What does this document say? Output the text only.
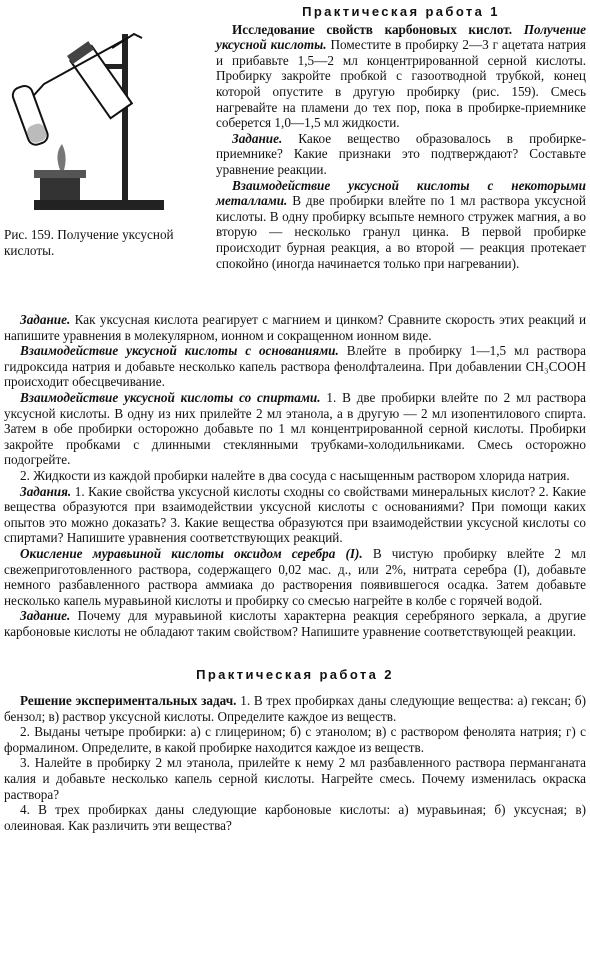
Рис. 159. Получение уксусной кислоты.
Практическая работа 1

Исследование свойств карбоновых кислот. Получение уксусной кислоты. Поместите в пробирку 2—3 г ацетата натрия и прибавьте 1,5—2 мл концентрированной серной кислоты. Пробирку закройте пробкой с газоотводной трубкой, конец которой опустите в другую пробирку (рис. 159). Смесь нагревайте на пламени до тех пор, пока в пробирке-приемнике соберется 1,0—1,5 мл жидкости.

Задание. Какое вещество образовалось в пробирке-приемнике? Какие признаки это подтверждают? Составьте уравнение реакции.

Взаимодействие уксусной кислоты с некоторыми металлами. В две пробирки влейте по 1 мл раствора уксусной кислоты. В одну пробирку всыпьте немного стружек магния, а во вторую — несколько гранул цинка. В первой пробирке происходит бурная реакция, а во второй — реакция протекает спокойно (иногда начинается только при нагревании).

Задание. Как уксусная кислота реагирует с магнием и цинком? Сравните скорость этих реакций и напишите уравнения в молекулярном, ионном и сокращенном ионном виде.

Взаимодействие уксусной кислоты с основаниями. Влейте в пробирку 1—1,5 мл раствора гидроксида натрия и добавьте несколько капель раствора фенолфталеина. При добавлении CH₃COOH происходит обесцвечивание.

Взаимодействие уксусной кислоты со спиртами. 1. В две пробирки влейте по 2 мл раствора уксусной кислоты. В одну из них прилейте 2 мл этанола, а в другую — 2 мл изопентилового спирта. Затем в обе пробирки осторожно добавьте по 1 мл концентрированной серной кислоты. Пробирки закройте пробками с длинными стеклянными трубками-холодильниками. Смесь осторожно подогрейте.

2. Жидкости из каждой пробирки налейте в два сосуда с насыщенным раствором хлорида натрия.

Задания. 1. Какие свойства уксусной кислоты сходны со свойствами минеральных кислот? 2. Какие вещества образуются при взаимодействии уксусной кислоты с основаниями? При помощи каких опытов это можно доказать? 3. Какие вещества образуются при взаимодействии уксусной кислоты со спиртами? Напишите уравнения соответствующих реакций.

Окисление муравьиной кислоты оксидом серебра (I). В чистую пробирку влейте 2 мл свежеприготовленного раствора, содержащего 0,02 мас. д., или 2%, нитрата серебра (I), добавьте немного разбавленного раствора аммиака до растворения появившегося осадка. Затем добавьте несколько капель муравьиной кислоты и пробирку со смесью нагрейте в колбе с горячей водой.

Задание. Почему для муравьиной кислоты характерна реакция серебряного зеркала, а другие карбоновые кислоты не обладают таким свойством? Напишите уравнение соответствующей реакции.

Практическая работа 2

Решение экспериментальных задач. 1. В трех пробирках даны следующие вещества: а) гексан; б) бензол; в) раствор уксусной кислоты. Определите каждое из веществ.

2. Выданы четыре пробирки: а) с глицерином; б) с этанолом; в) с раствором фенолята натрия; г) с формалином. Определите, в какой пробирке находится каждое из веществ.

3. Налейте в пробирку 2 мл этанола, прилейте к нему 2 мл разбавленного раствора перманганата калия и добавьте несколько капель серной кислоты. Нагрейте смесь. Почему изменилась окраска раствора?

4. В трех пробирках даны следующие карбоновые кислоты: а) муравьиная; б) уксусная; в) олеиновая. Как различить эти вещества?
